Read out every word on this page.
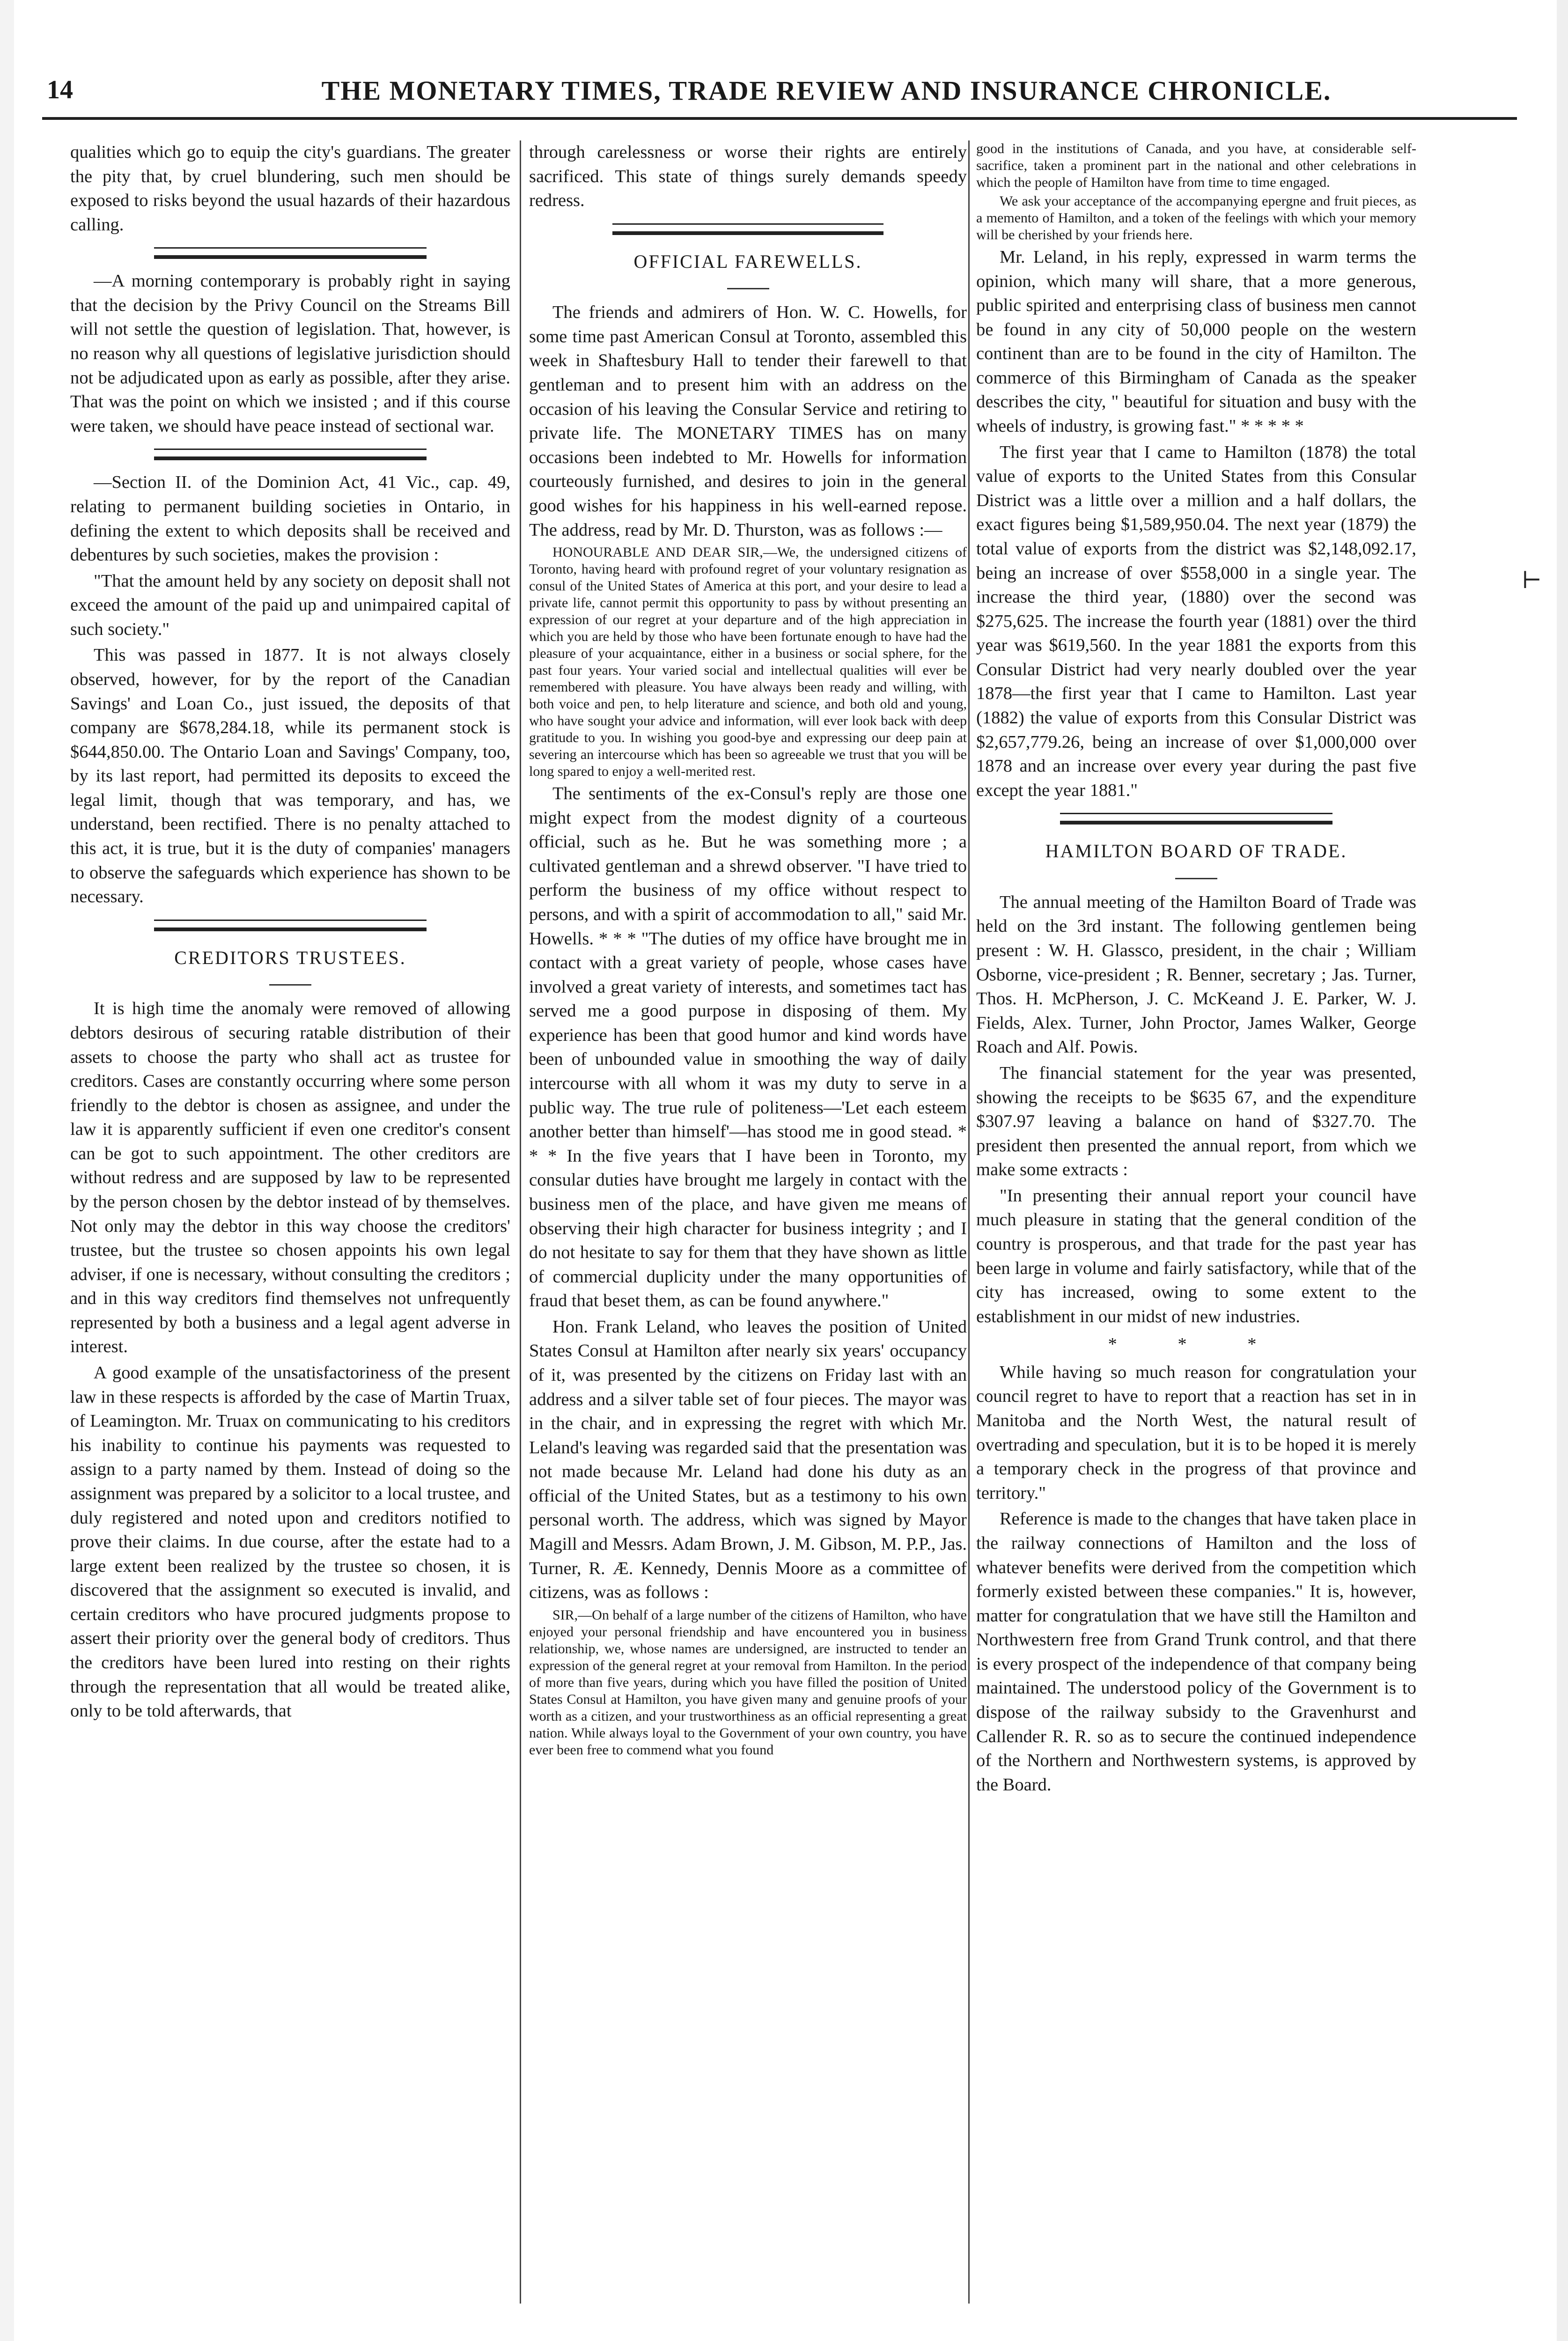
14	THE MONETARY TIMES, TRADE REVIEW AND INSURANCE CHRONICLE.

qualities which go to equip the city's guardians. The greater the pity that, by cruel blundering, such men should be exposed to risks beyond the usual hazards of their hazardous calling.

—A morning contemporary is probably right in saying that the decision by the Privy Council on the Streams Bill will not settle the question of legislation. That, however, is no reason why all questions of legislative jurisdiction should not be adjudicated upon as early as possible, after they arise. That was the point on which we insisted ; and if this course were taken, we should have peace instead of sectional war.

—Section II. of the Dominion Act, 41 Vic., cap. 49, relating to permanent building societies in Ontario, in defining the extent to which deposits shall be received and debentures by such societies, makes the provision :

"That the amount held by any society on deposit shall not exceed the amount of the paid up and unimpaired capital of such society."

This was passed in 1877. It is not always closely observed, however, for by the report of the Canadian Savings' and Loan Co., just issued, the deposits of that company are $678,284.18, while its permanent stock is $644,850.00. The Ontario Loan and Savings' Company, too, by its last report, had permitted its deposits to exceed the legal limit, though that was temporary, and has, we understand, been rectified. There is no penalty attached to this act, it is true, but it is the duty of companies' managers to observe the safeguards which experience has shown to be necessary.

CREDITORS TRUSTEES.

It is high time the anomaly were removed of allowing debtors desirous of securing ratable distribution of their assets to choose the party who shall act as trustee for creditors. Cases are constantly occurring where some person friendly to the debtor is chosen as assignee, and under the law it is apparently sufficient if even one creditor's consent can be got to such appointment. The other creditors are without redress and are supposed by law to be represented by the person chosen by the debtor instead of by themselves. Not only may the debtor in this way choose the creditors' trustee, but the trustee so chosen appoints his own legal adviser, if one is necessary, without consulting the creditors ; and in this way creditors find themselves not unfrequently represented by both a business and a legal agent adverse in interest.

A good example of the unsatisfactoriness of the present law in these respects is afforded by the case of Martin Truax, of Leamington. Mr. Truax on communicating to his creditors his inability to continue his payments was requested to assign to a party named by them. Instead of doing so the assignment was prepared by a solicitor to a local trustee, and duly registered and noted upon and creditors notified to prove their claims. In due course, after the estate had to a large extent been realized by the trustee so chosen, it is discovered that the assignment so executed is invalid, and certain creditors who have procured judgments propose to assert their priority over the general body of creditors. Thus the creditors have been lured into resting on their rights through the representation that all would be treated alike, only to be told afterwards, that

through carelessness or worse their rights are entirely sacrificed. This state of things surely demands speedy redress.

OFFICIAL FAREWELLS.

The friends and admirers of Hon. W. C. Howells, for some time past American Consul at Toronto, assembled this week in Shaftesbury Hall to tender their farewell to that gentleman and to present him with an address on the occasion of his leaving the Consular Service and retiring to private life. The MONETARY TIMES has on many occasions been indebted to Mr. Howells for information courteously furnished, and desires to join in the general good wishes for his happiness in his well-earned repose. The address, read by Mr. D. Thurston, was as follows :—

HONOURABLE AND DEAR SIR,—We, the undersigned citizens of Toronto, having heard with profound regret of your voluntary resignation as consul of the United States of America at this port, and your desire to lead a private life, cannot permit this opportunity to pass by without presenting an expression of our regret at your departure and of the high appreciation in which you are held by those who have been fortunate enough to have had the pleasure of your acquaintance, either in a business or social sphere, for the past four years. Your varied social and intellectual qualities will ever be remembered with pleasure. You have always been ready and willing, with both voice and pen, to help literature and science, and both old and young, who have sought your advice and information, will ever look back with deep gratitude to you. In wishing you good-bye and expressing our deep pain at severing an intercourse which has been so agreeable we trust that you will be long spared to enjoy a well-merited rest.

The sentiments of the ex-Consul's reply are those one might expect from the modest dignity of a courteous official, such as he. But he was something more ; a cultivated gentleman and a shrewd observer. "I have tried to perform the business of my office without respect to persons, and with a spirit of accommodation to all," said Mr. Howells. * * * "The duties of my office have brought me in contact with a great variety of people, whose cases have involved a great variety of interests, and sometimes tact has served me a good purpose in disposing of them. My experience has been that good humor and kind words have been of unbounded value in smoothing the way of daily intercourse with all whom it was my duty to serve in a public way. The true rule of politeness—'Let each esteem another better than himself'—has stood me in good stead. * * * In the five years that I have been in Toronto, my consular duties have brought me largely in contact with the business men of the place, and have given me means of observing their high character for business integrity ; and I do not hesitate to say for them that they have shown as little of commercial duplicity under the many opportunities of fraud that beset them, as can be found anywhere."

Hon. Frank Leland, who leaves the position of United States Consul at Hamilton after nearly six years' occupancy of it, was presented by the citizens on Friday last with an address and a silver table set of four pieces. The mayor was in the chair, and in expressing the regret with which Mr. Leland's leaving was regarded said that the presentation was not made because Mr. Leland had done his duty as an official of the United States, but as a testimony to his own personal worth. The address, which was signed by Mayor Magill and Messrs. Adam Brown, J. M. Gibson, M. P.P., Jas. Turner, R. Æ. Kennedy, Dennis Moore as a committee of citizens, was as follows :

SIR,—On behalf of a large number of the citizens of Hamilton, who have enjoyed your personal friendship and have encountered you in business relationship, we, whose names are undersigned, are instructed to tender an expression of the general regret at your removal from Hamilton. In the period of more than five years, during which you have filled the position of United States Consul at Hamilton, you have given many and genuine proofs of your worth as a citizen, and your trustworthiness as an official representing a great nation. While always loyal to the Government of your own country, you have ever been free to commend what you found

good in the institutions of Canada, and you have, at considerable self-sacrifice, taken a prominent part in the national and other celebrations in which the people of Hamilton have from time to time engaged.

We ask your acceptance of the accompanying epergne and fruit pieces, as a memento of Hamilton, and a token of the feelings with which your memory will be cherished by your friends here.

Mr. Leland, in his reply, expressed in warm terms the opinion, which many will share, that a more generous, public spirited and enterprising class of business men cannot be found in any city of 50,000 people on the western continent than are to be found in the city of Hamilton. The commerce of this Birmingham of Canada as the speaker describes the city, " beautiful for situation and busy with the wheels of industry, is growing fast." * * * * *

The first year that I came to Hamilton (1878) the total value of exports to the United States from this Consular District was a little over a million and a half dollars, the exact figures being $1,589,950.04. The next year (1879) the total value of exports from the district was $2,148,092.17, being an increase of over $558,000 in a single year. The increase the third year, (1880) over the second was $275,625. The increase the fourth year (1881) over the third year was $619,560. In the year 1881 the exports from this Consular District had very nearly doubled over the year 1878—the first year that I came to Hamilton. Last year (1882) the value of exports from this Consular District was $2,657,779.26, being an increase of over $1,000,000 over 1878 and an increase over every year during the past five except the year 1881."

HAMILTON BOARD OF TRADE.

The annual meeting of the Hamilton Board of Trade was held on the 3rd instant. The following gentlemen being present : W. H. Glassco, president, in the chair ; William Osborne, vice-president ; R. Benner, secretary ; Jas. Turner, Thos. H. McPherson, J. C. McKeand J. E. Parker, W. J. Fields, Alex. Turner, John Proctor, James Walker, George Roach and Alf. Powis.

The financial statement for the year was presented, showing the receipts to be $635 67, and the expenditure $307.97 leaving a balance on hand of $327.70. The president then presented the annual report, from which we make some extracts :

"In presenting their annual report your council have much pleasure in stating that the general condition of the country is prosperous, and that trade for the past year has been large in volume and fairly satisfactory, while that of the city has increased, owing to some extent to the establishment in our midst of new industries.

* * *

While having so much reason for congratulation your council regret to have to report that a reaction has set in in Manitoba and the North West, the natural result of overtrading and speculation, but it is to be hoped it is merely a temporary check in the progress of that province and territory."

Reference is made to the changes that have taken place in the railway connections of Hamilton and the loss of whatever benefits were derived from the competition which formerly existed between these companies." It is, however, matter for congratulation that we have still the Hamilton and Northwestern free from Grand Trunk control, and that there is every prospect of the independence of that company being maintained. The understood policy of the Government is to dispose of the railway subsidy to the Gravenhurst and Callender R. R. so as to secure the continued independence of the Northern and Northwestern systems, is approved by the Board.

⊢
